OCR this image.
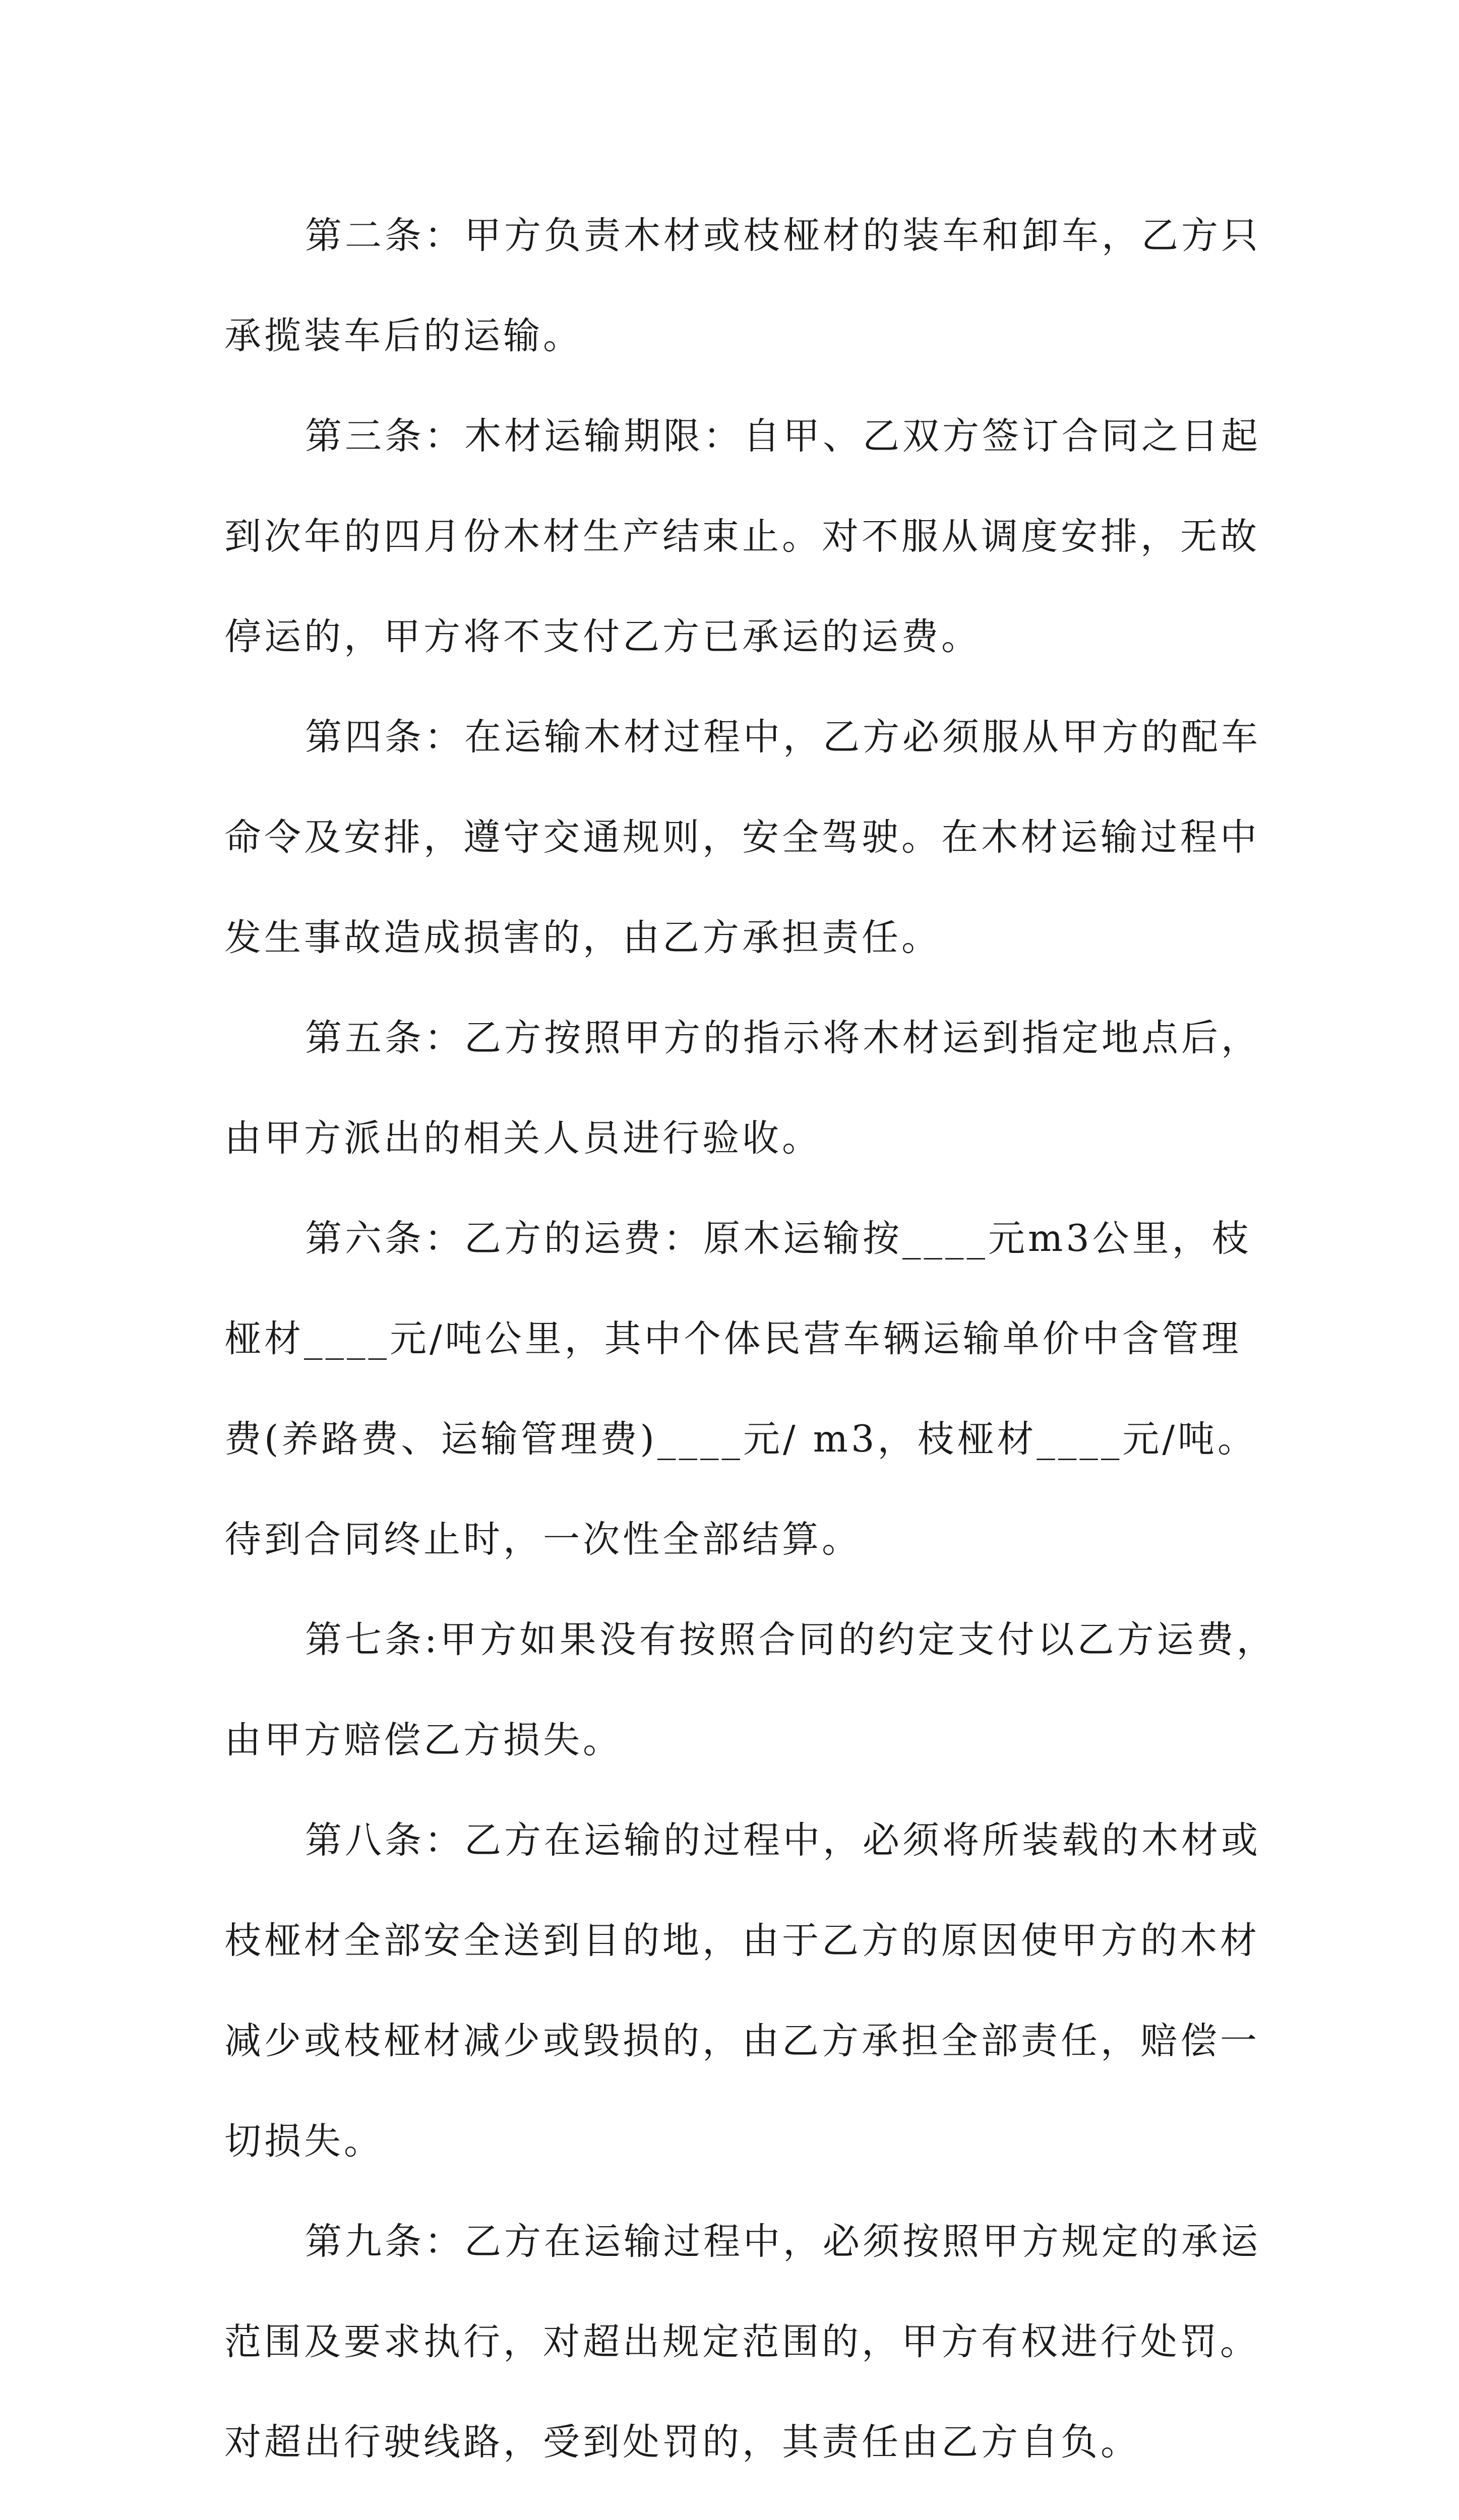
第二条：甲方负责木材或枝桠材的装车和卸车，乙方只
承揽装车后的运输。
第三条：木材运输期限：自甲、乙双方签订合同之日起
到次年的四月份木材生产结束止。对不服从调度安排，无故
停运的，甲方将不支付乙方已承运的运费。
第四条：在运输木材过程中，乙方必须服从甲方的配车
命令及安排，遵守交通规则，安全驾驶。在木材运输过程中
发生事故造成损害的，由乙方承担责任。
第五条：乙方按照甲方的指示将木材运到指定地点后，
由甲方派出的相关人员进行验收。
第六条：乙方的运费：原木运输按____元m3公里，枝
桠材____元/吨公里，其中个体民营车辆运输单价中含管理
费(养路费、运输管理费)____元/ m3，枝桠材____元/吨。
待到合同终止时，一次性全部结算。
第七条:甲方如果没有按照合同的约定支付以乙方运费，
由甲方赔偿乙方损失。
第八条：乙方在运输的过程中，必须将所装载的木材或
枝桠材全部安全送到目的地，由于乙方的原因使甲方的木材
减少或枝桠材减少或毁损的，由乙方承担全部责任，赔偿一
切损失。
第九条：乙方在运输过程中，必须按照甲方规定的承运
范围及要求执行，对超出规定范围的，甲方有权进行处罚。
对超出行驶线路，受到处罚的，其责任由乙方自负。
